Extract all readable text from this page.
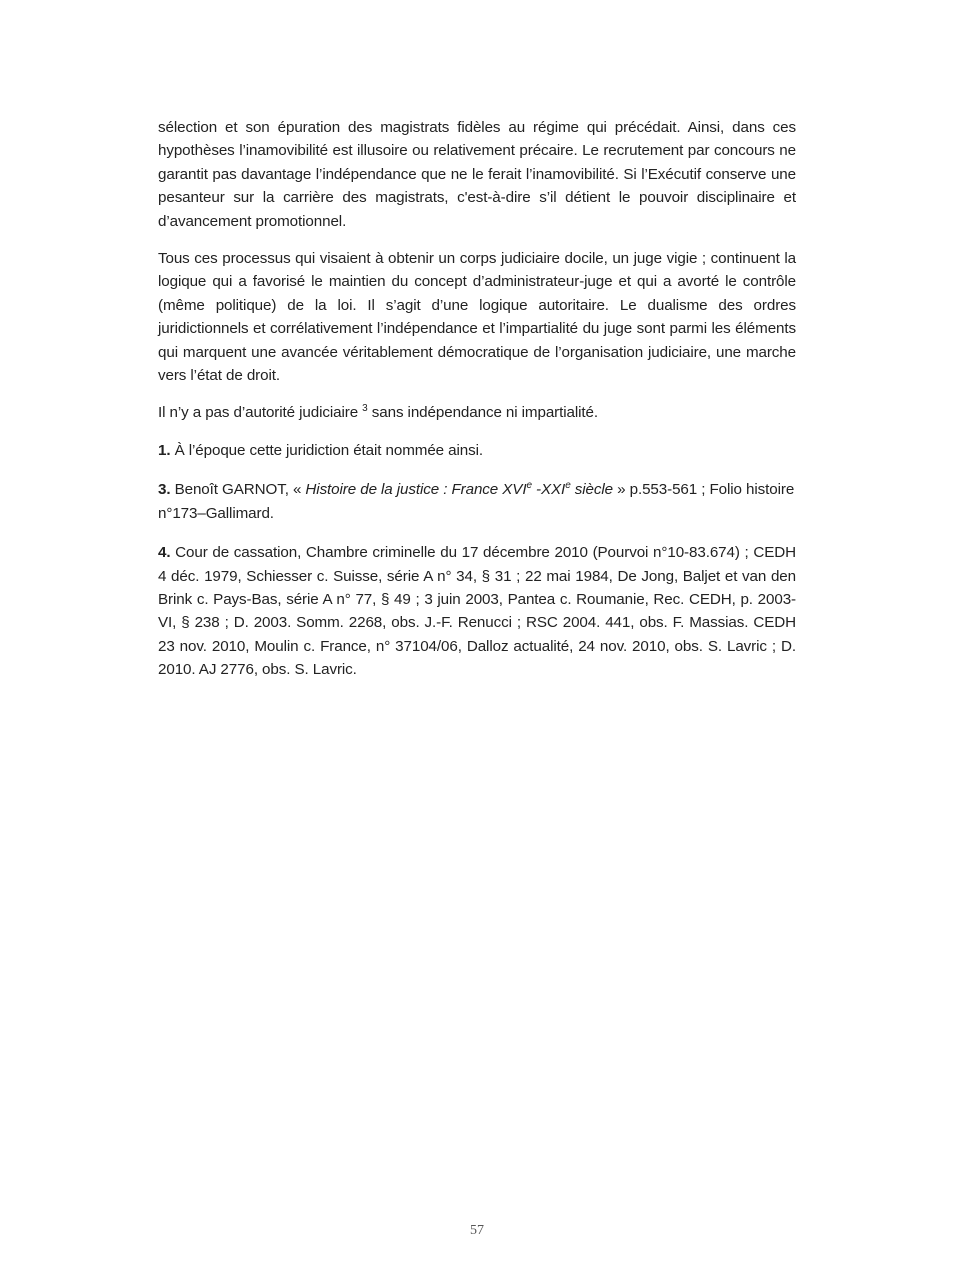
sélection et son épuration des magistrats fidèles au régime qui précédait. Ainsi, dans ces hypothèses l’inamovibilité est illusoire ou relativement précaire. Le recrutement par concours ne garantit pas davantage l’indépendance que ne le ferait l’inamovibilité. Si l’Exécutif conserve une pesanteur sur la carrière des magistrats, c'est-à-dire s’il détient le pouvoir disciplinaire et d’avancement promotionnel.

Tous ces processus qui visaient à obtenir un corps judiciaire docile, un juge vigie ; continuent la logique qui a favorisé le maintien du concept d’administrateur-juge et qui a avorté le contrôle (même politique) de la loi. Il s’agit d’une logique autoritaire. Le dualisme des ordres juridictionnels et corrélativement l’indépendance et l’impartialité du juge sont parmi les éléments qui marquent une avancée véritablement démocratique de l’organisation judiciaire, une marche vers l’état de droit.

Il n’y a pas d’autorité judiciaire $^3$ sans indépendance ni impartialité.

1. À l’époque cette juridiction était nommée ainsi.

3. Benoît GARNOT, « Histoire de la justice : France XVIe -XXIe siècle » p.553-561 ; Folio histoire n°173–Gallimard.

4. Cour de cassation, Chambre criminelle du 17 décembre 2010 (Pourvoi n°10-83.674) ; CEDH 4 déc. 1979, Schiesser c. Suisse, série A n° 34, § 31 ; 22 mai 1984, De Jong, Baljet et van den Brink c. Pays-Bas, série A n° 77, § 49 ; 3 juin 2003, Pantea c. Roumanie, Rec. CEDH, p. 2003-VI, § 238 ; D. 2003. Somm. 2268, obs. J.-F. Renucci ; RSC 2004. 441, obs. F. Massias. CEDH 23 nov. 2010, Moulin c. France, n° 37104/06, Dalloz actualité, 24 nov. 2010, obs. S. Lavric ; D. 2010. AJ 2776, obs. S. Lavric.

57
